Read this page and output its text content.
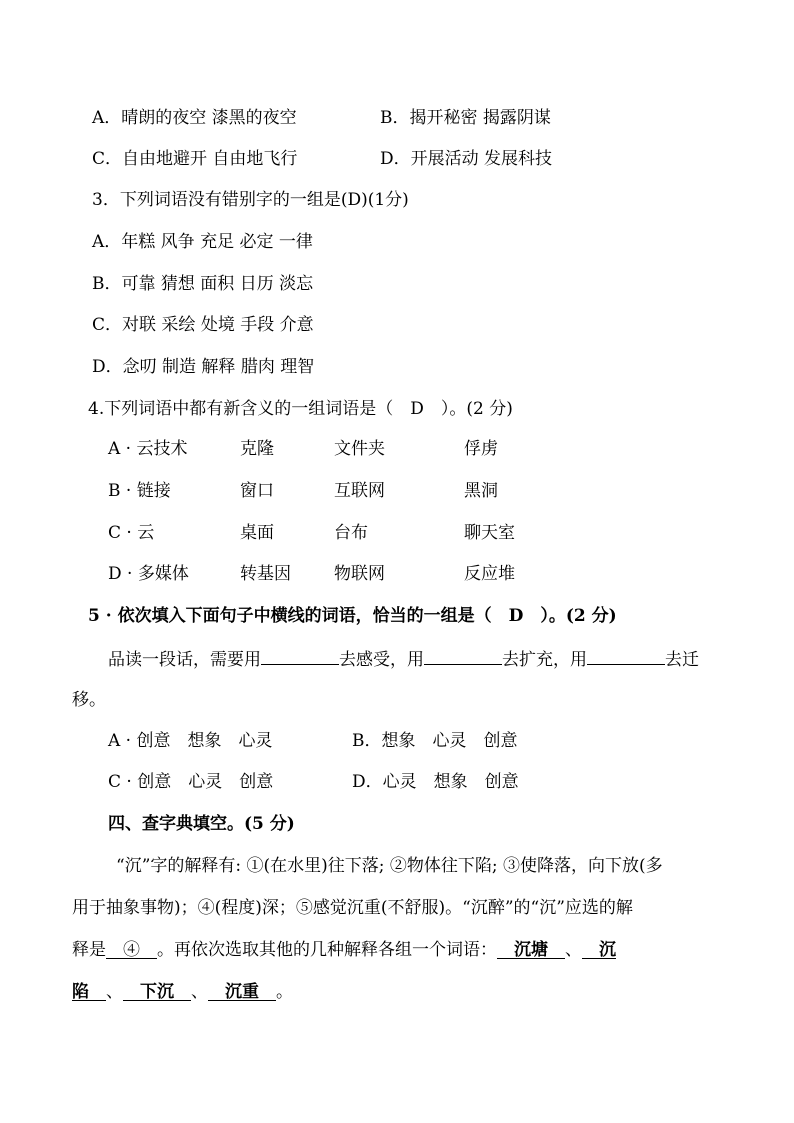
A．晴朗的夜空 漆黑的夜空	B．揭开秘密 揭露阴谋
C．自由地避开 自由地飞行	D．开展活动 发展科技
3．下列词语没有错别字的一组是(D)(1分)
A．年糕 风争 充足 必定 一律
B．可靠 猜想 面积 日历 淡忘
C．对联 采绘 处境 手段 介意
D．念叨 制造 解释 腊肉 理智
4.下列词语中都有新含义的一组词语是（　D　）。(2 分)
A · 云技术	克隆	文件夹	俘虏
B · 链接	窗口	互联网	黑洞
C · 云	桌面	台布	聊天室
D · 多媒体	转基因	物联网	反应堆
5 · 依次填入下面句子中横线的词语，恰当的一组是（　D　）。(2 分)
品读一段话，需要用	去感受，用	去扩充，用	去迁
移。
A · 创意　想象　心灵	B．想象　心灵　创意
C · 创意　心灵　创意	D．心灵　想象　创意
四、查字典填空。(5 分)
“沉”字的解释有: ①(在水里)往下落; ②物体往下陷; ③使降落，向下放(多
用于抽象事物)；④(程度)深；⑤感觉沉重(不舒服)。“沉醉”的“沉”应选的解
释是　④　。再依次选取其他的几种解释各组一个词语：　沉塘　、　沉
陷　、　下沉　、　沉重　。
